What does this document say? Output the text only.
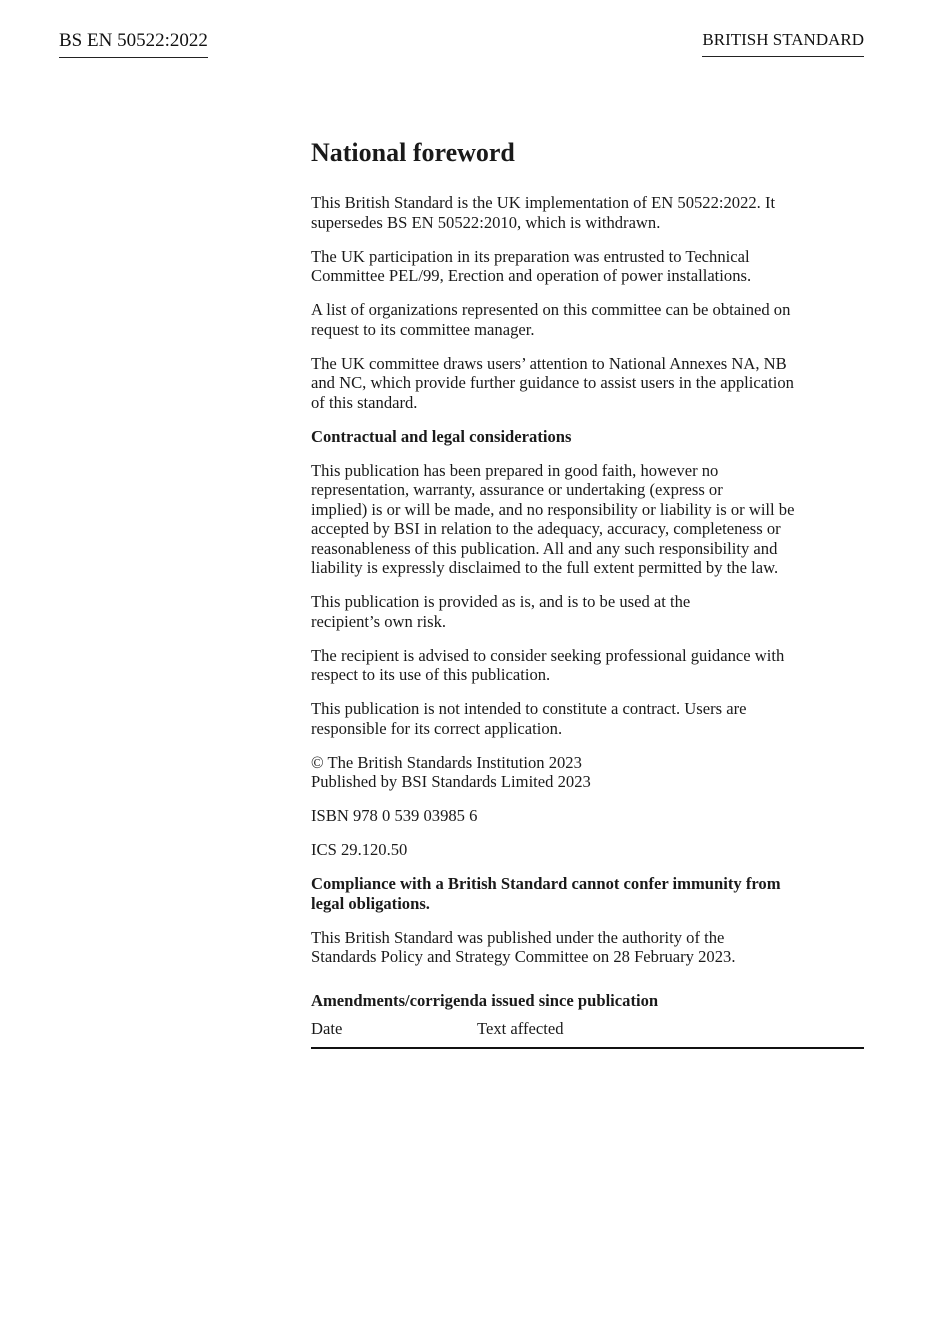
BS EN 50522:2022	BRITISH STANDARD
National foreword

This British Standard is the UK implementation of EN 50522:2022. It
supersedes BS EN 50522:2010, which is withdrawn.

The UK participation in its preparation was entrusted to Technical
Committee PEL/99, Erection and operation of power installations.

A list of organizations represented on this committee can be obtained on
request to its committee manager.

The UK committee draws users’ attention to National Annexes NA, NB
and NC, which provide further guidance to assist users in the application
of this standard.

Contractual and legal considerations

This publication has been prepared in good faith, however no
representation, warranty, assurance or undertaking (express or
implied) is or will be made, and no responsibility or liability is or will be
accepted by BSI in relation to the adequacy, accuracy, completeness or
reasonableness of this publication. All and any such responsibility and
liability is expressly disclaimed to the full extent permitted by the law.

This publication is provided as is, and is to be used at the
recipient’s own risk.

The recipient is advised to consider seeking professional guidance with
respect to its use of this publication.

This publication is not intended to constitute a contract. Users are
responsible for its correct application.

© The British Standards Institution 2023
Published by BSI Standards Limited 2023

ISBN 978 0 539 03985 6

ICS 29.120.50

Compliance with a British Standard cannot confer immunity from
legal obligations.

This British Standard was published under the authority of the
Standards Policy and Strategy Committee on 28 February 2023.

Amendments/corrigenda issued since publication
Date	Text affected
